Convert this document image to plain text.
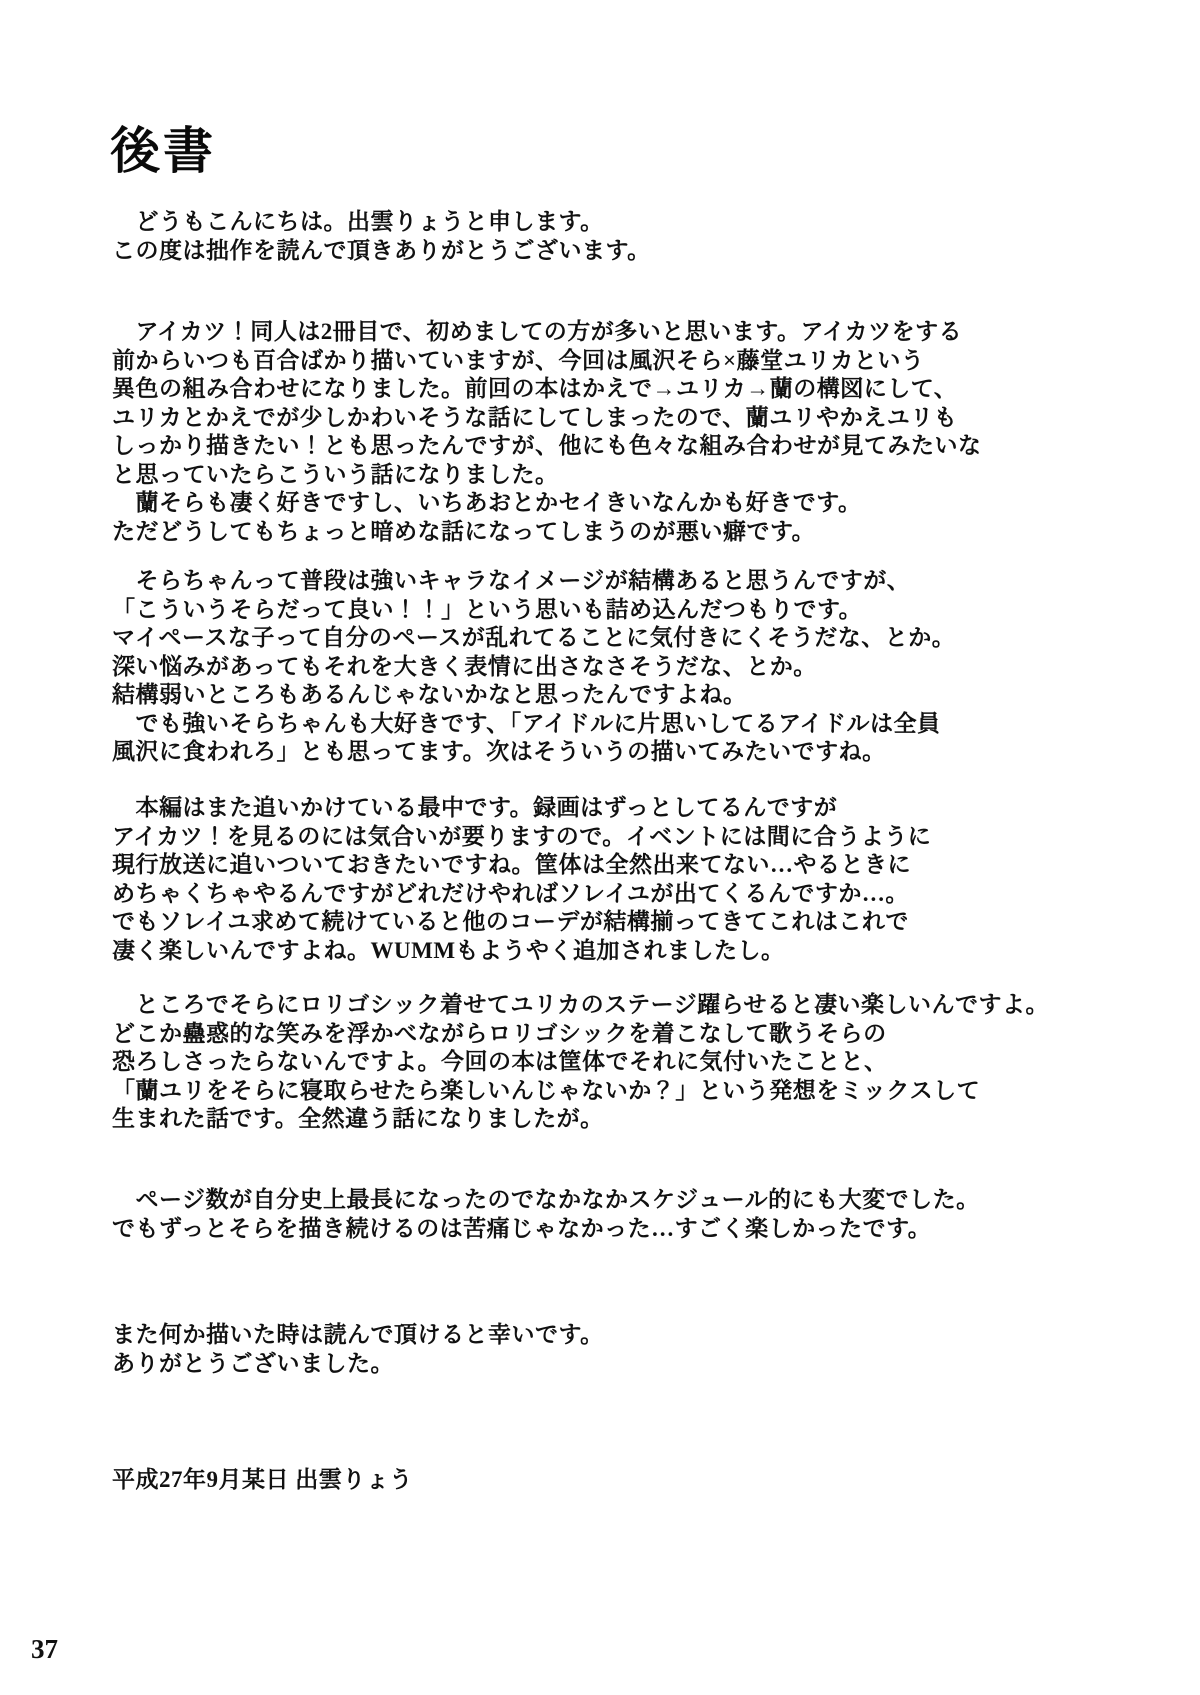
後書
　どうもこんにちは。出雲りょうと申します。
この度は拙作を読んで頂きありがとうございます。
　アイカツ！同人は2冊目で、初めましての方が多いと思います。アイカツをする
前からいつも百合ばかり描いていますが、今回は風沢そら×藤堂ユリカという
異色の組み合わせになりました。前回の本はかえで→ユリカ→蘭の構図にして、
ユリカとかえでが少しかわいそうな話にしてしまったので、蘭ユリやかえユリも
しっかり描きたい！とも思ったんですが、他にも色々な組み合わせが見てみたいな
と思っていたらこういう話になりました。
　蘭そらも凄く好きですし、いちあおとかセイきいなんかも好きです。
ただどうしてもちょっと暗めな話になってしまうのが悪い癖です。
　そらちゃんって普段は強いキャラなイメージが結構あると思うんですが、
「こういうそらだって良い！！」という思いも詰め込んだつもりです。
マイペースな子って自分のペースが乱れてることに気付きにくそうだな、とか。
深い悩みがあってもそれを大きく表情に出さなさそうだな、とか。
結構弱いところもあるんじゃないかなと思ったんですよね。
　でも強いそらちゃんも大好きです、「アイドルに片思いしてるアイドルは全員
風沢に食われろ」とも思ってます。次はそういうの描いてみたいですね。
　本編はまた追いかけている最中です。録画はずっとしてるんですが
アイカツ！を見るのには気合いが要りますので。イベントには間に合うように
現行放送に追いついておきたいですね。筐体は全然出来てない…やるときに
めちゃくちゃやるんですがどれだけやればソレイユが出てくるんですか…。
でもソレイユ求めて続けていると他のコーデが結構揃ってきてこれはこれで
凄く楽しいんですよね。WUMMもようやく追加されましたし。
　ところでそらにロリゴシック着せてユリカのステージ躍らせると凄い楽しいんですよ。
どこか蠱惑的な笑みを浮かべながらロリゴシックを着こなして歌うそらの
恐ろしさったらないんですよ。今回の本は筐体でそれに気付いたことと、
「蘭ユリをそらに寝取らせたら楽しいんじゃないか？」という発想をミックスして
生まれた話です。全然違う話になりましたが。
　ページ数が自分史上最長になったのでなかなかスケジュール的にも大変でした。
でもずっとそらを描き続けるのは苦痛じゃなかった…すごく楽しかったです。
また何か描いた時は読んで頂けると幸いです。
ありがとうございました。
平成27年9月某日 出雲りょう
37
